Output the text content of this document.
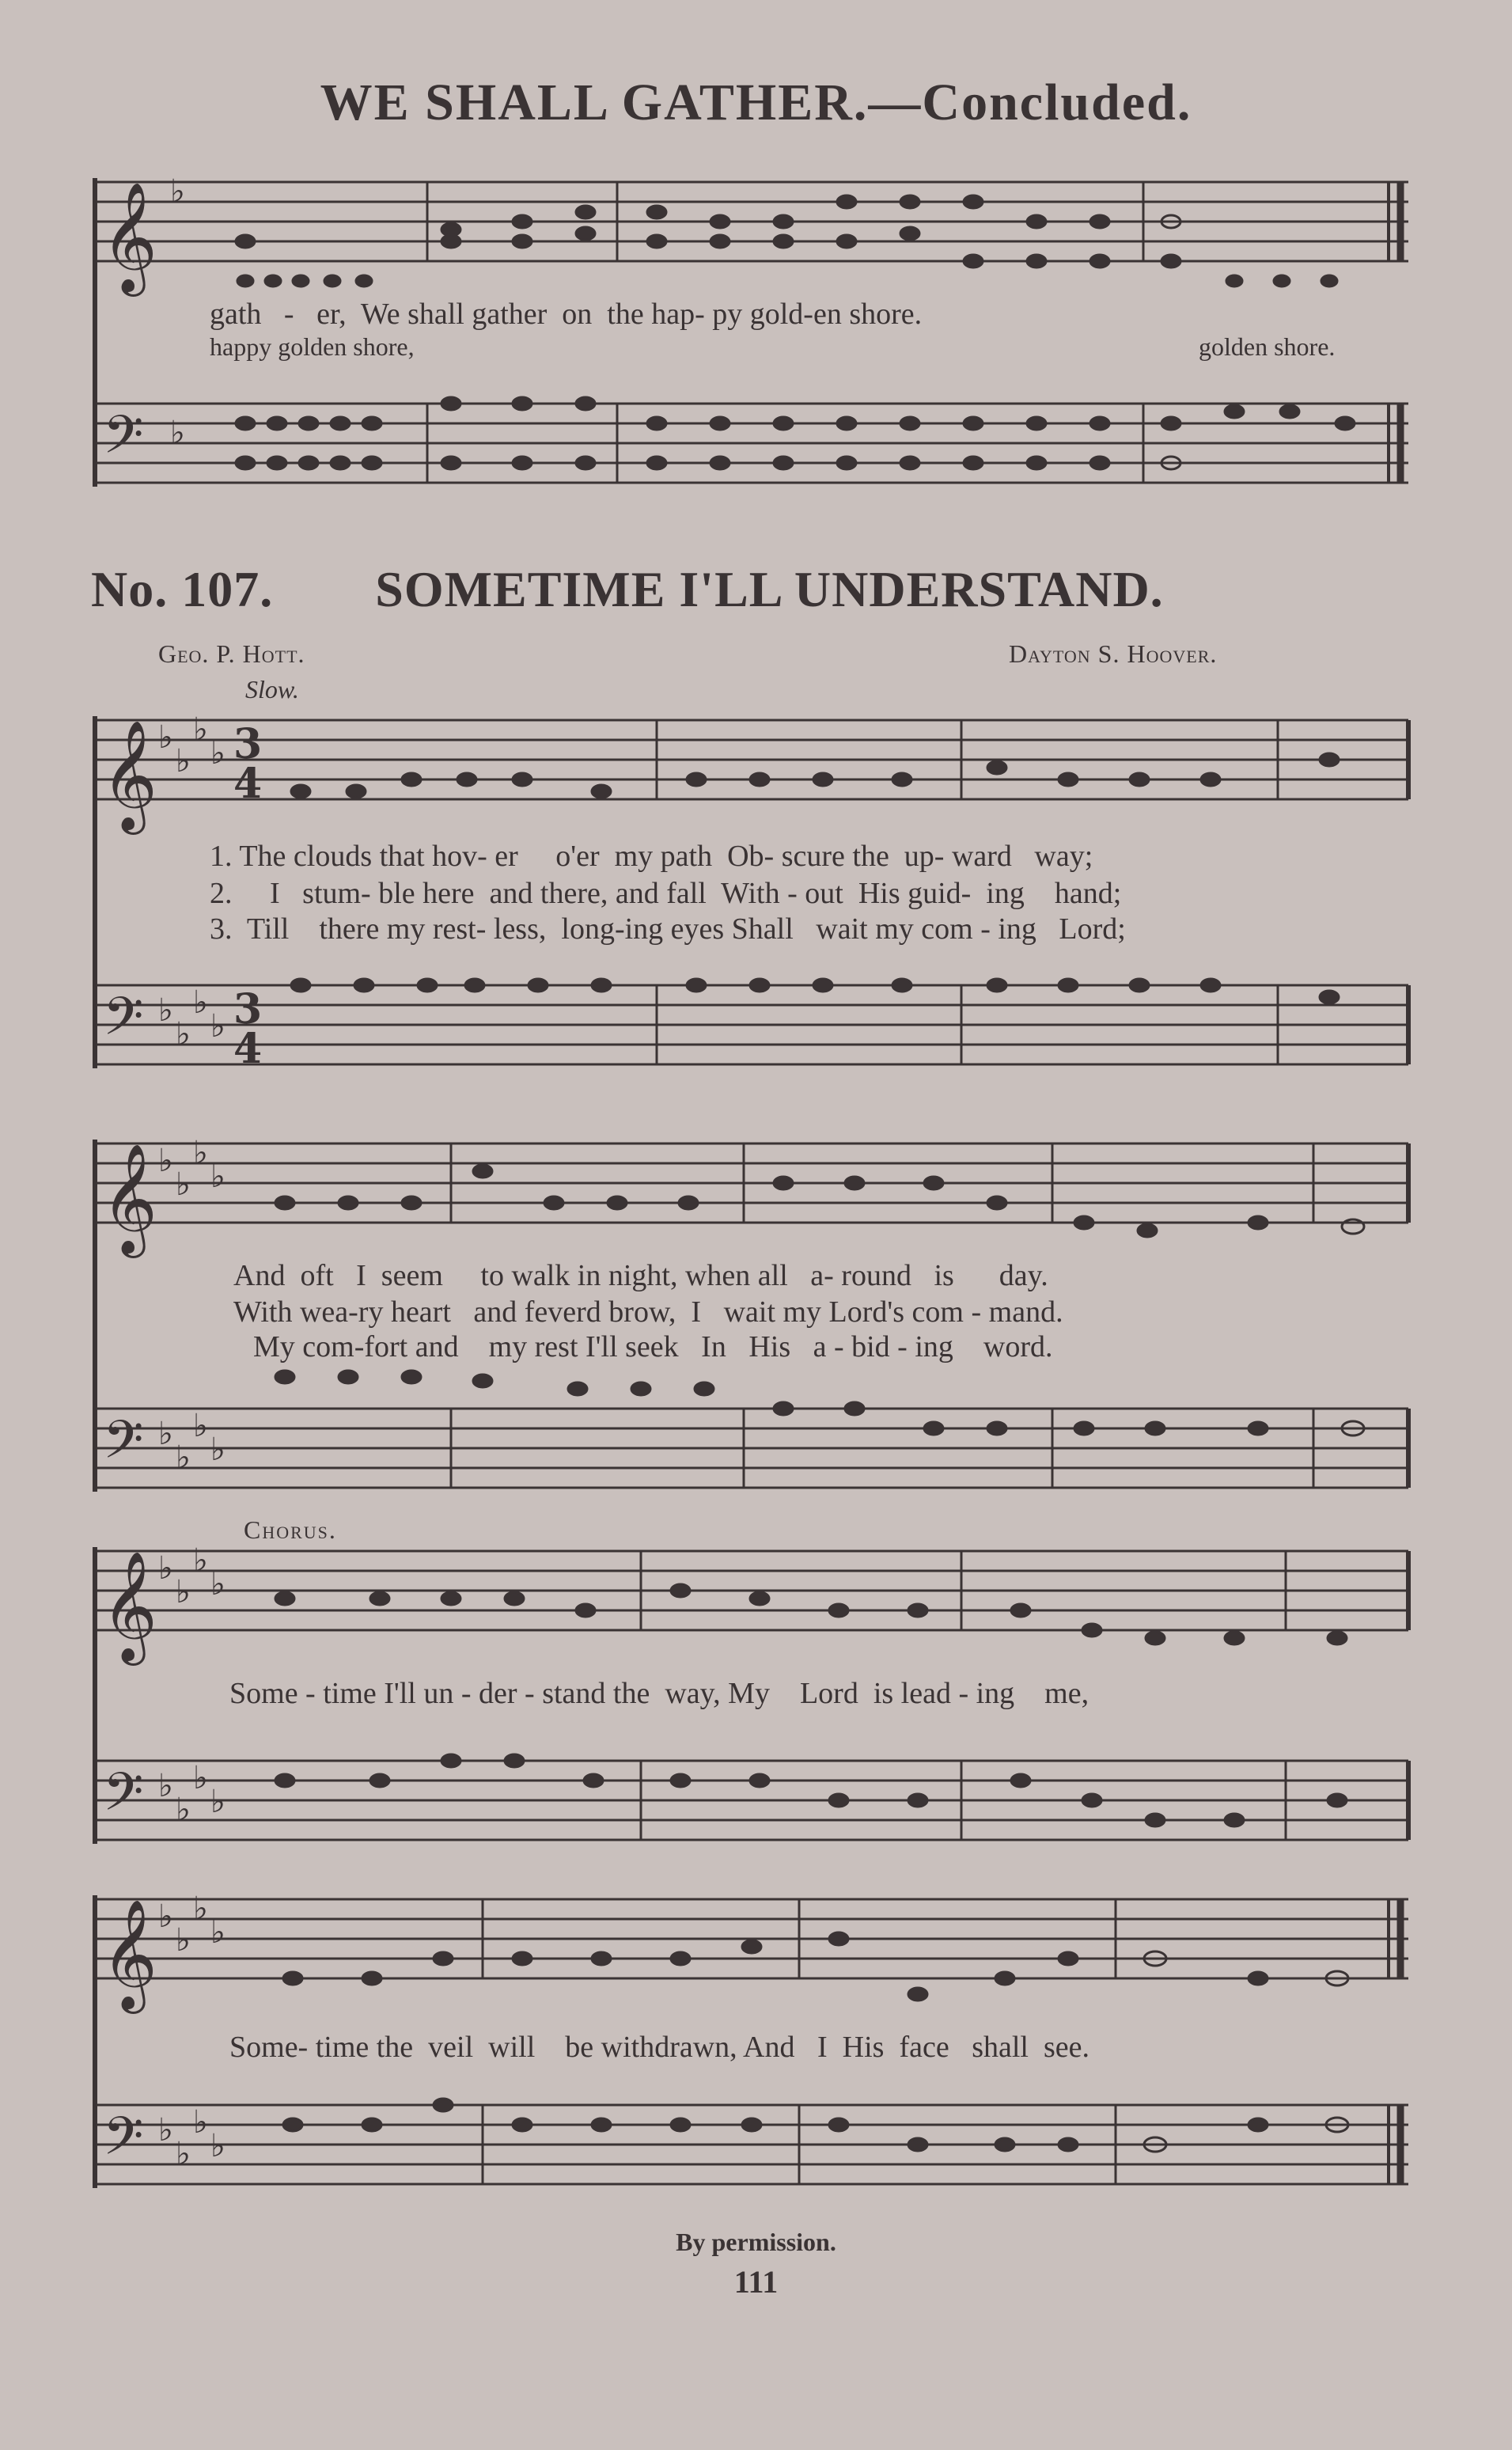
WE SHALL GATHER.—Concluded.
𝄞
𝄢
𝄞
𝄢
𝄞
𝄢
𝄞
𝄢
𝄞
𝄢
♭
♭
♭
♭
♭
♭
♭
♭
♭
♭
♭
♭
♭
♭
♭
♭
♭
♭
♭
♭
♭
♭
♭
♭
♭
♭
♭
♭
♭
♭
♭
♭
♭
♭
3
4
3
4
gath   -   er,  We shall gather  on  the hap- py gold-en shore.
happy golden shore,	golden shore.
No. 107. SOMETIME I'LL UNDERSTAND.
Geo. P. Hott.	Dayton S. Hoover.
Slow.
1. The clouds that hov- er     o'er  my path  Ob- scure the  up- ward   way;
2.     I   stum- ble here  and there, and fall  With - out  His guid-  ing    hand;
3.  Till    there my rest- less,  long-ing eyes Shall   wait my com - ing   Lord;
And  oft   I  seem     to walk in night, when all   a- round   is      day.
With wea-ry heart   and feverd brow,  I   wait my Lord's com - mand.
My com-fort and    my rest I'll seek   In   His   a - bid - ing    word.
Chorus.
Some - time I'll un - der - stand the  way, My    Lord  is lead - ing    me,
Some- time the  veil  will    be withdrawn, And   I  His  face   shall  see.
By permission.
111
